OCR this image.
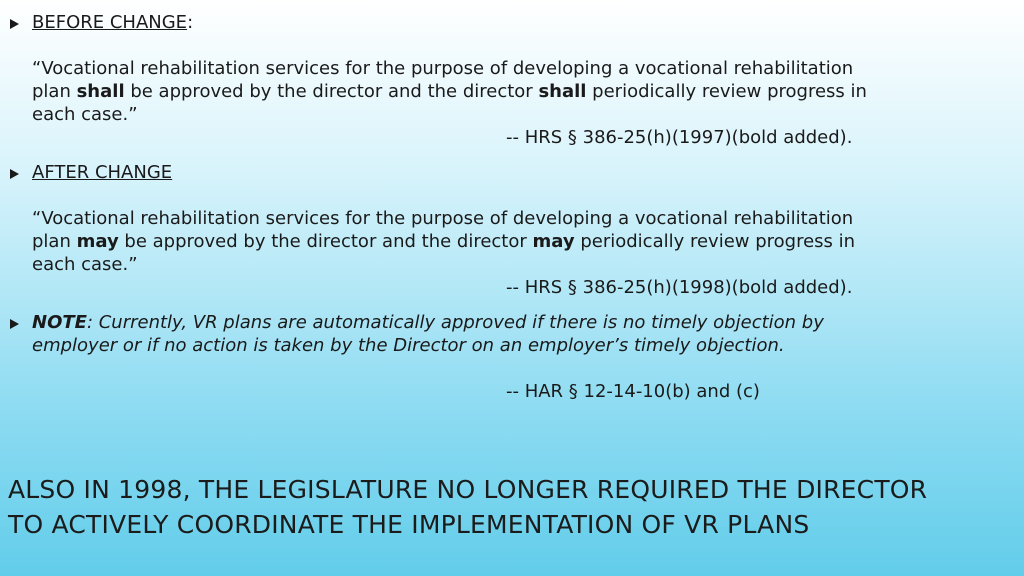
BEFORE CHANGE:
“Vocational rehabilitation services for the purpose of developing a vocational rehabilitation
plan shall be approved by the director and the director shall periodically review progress in
each case.”
-- HRS § 386-25(h)(1997)(bold added).
AFTER CHANGE
“Vocational rehabilitation services for the purpose of developing a vocational rehabilitation
plan may be approved by the director and the director may periodically review progress in
each case.”
-- HRS § 386-25(h)(1998)(bold added).
NOTE: Currently, VR plans are automatically approved if there is no timely objection by
employer or if no action is taken by the Director on an employer’s timely objection.
-- HAR § 12-14-10(b) and (c)
ALSO IN 1998, THE LEGISLATURE NO LONGER REQUIRED THE DIRECTOR
TO ACTIVELY COORDINATE THE IMPLEMENTATION OF VR PLANS
